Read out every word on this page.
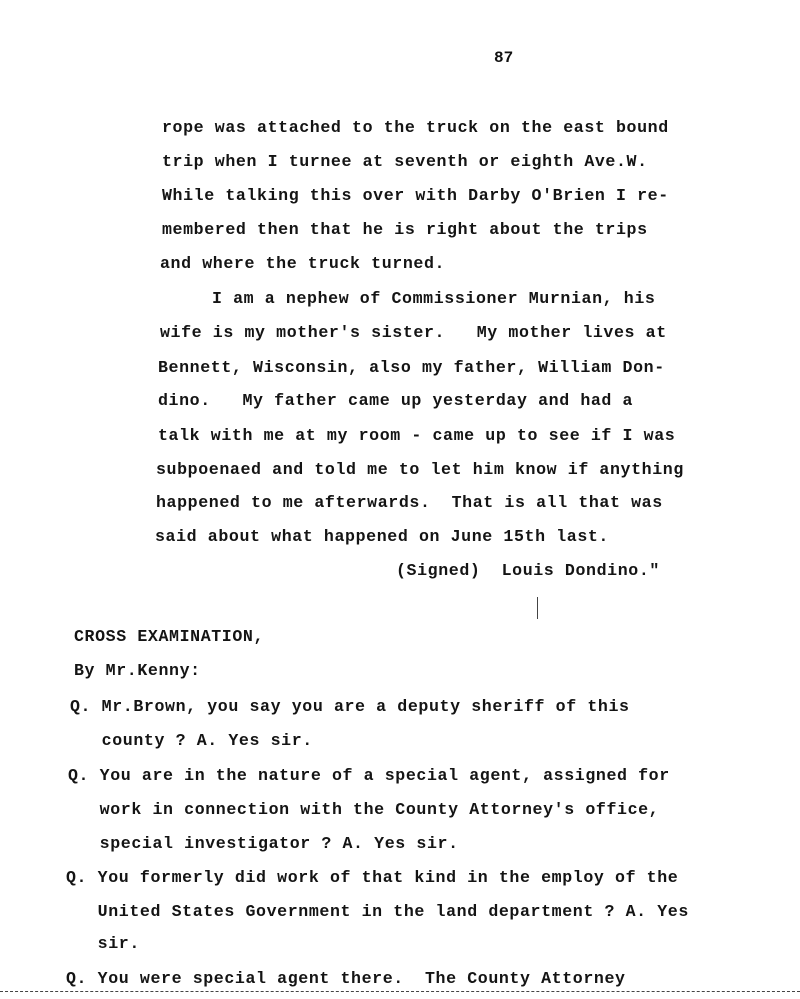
87
rope was attached to the truck on the east bound
trip when I turnee at seventh or eighth Ave.W.
While talking this over with Darby O'Brien I re-
membered then that he is right about the trips
and where the truck turned.
I am a nephew of Commissioner Murnian, his
wife is my mother's sister.   My mother lives at
Bennett, Wisconsin, also my father, William Don-
dino.   My father came up yesterday and had a
talk with me at my room - came up to see if I was
subpoenaed and told me to let him know if anything
happened to me afterwards.  That is all that was
said about what happened on June 15th last.
(Signed)  Louis Dondino."
CROSS EXAMINATION,
By Mr.Kenny:
Q. Mr.Brown, you say you are a deputy sheriff of this
county ? A. Yes sir.
Q. You are in the nature of a special agent, assigned for
work in connection with the County Attorney's office,
special investigator ? A. Yes sir.
Q. You formerly did work of that kind in the employ of the
United States Government in the land department ? A. Yes
sir.
Q. You were special agent there.  The County Attorney
